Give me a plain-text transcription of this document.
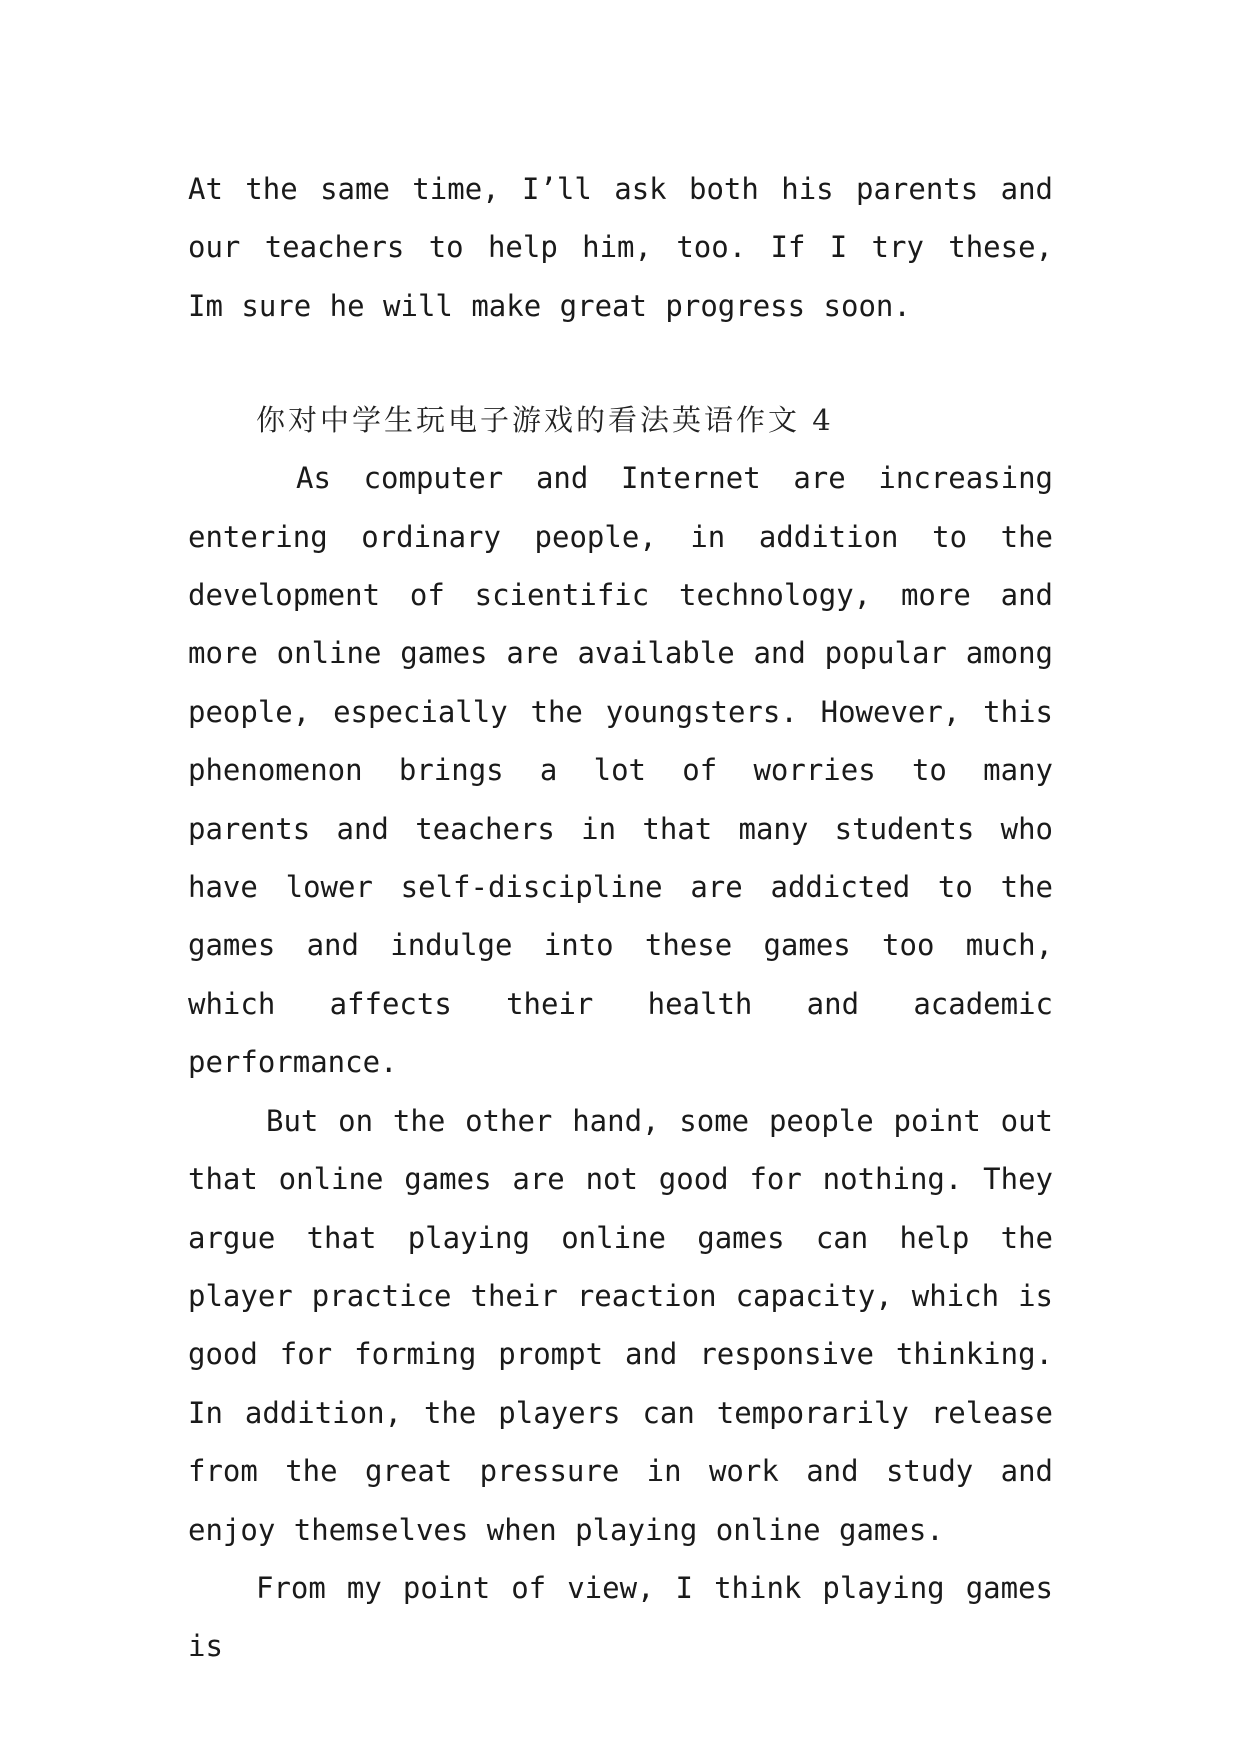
At the same time, I’ll ask both his parents and our teachers to help him, too. If I try these, Im sure he will make great progress soon.

你对中学生玩电子游戏的看法英语作文 4

As computer and Internet are increasing entering ordinary people, in addition to the development of scientific technology, more and more online games are available and popular among people, especially the youngsters. However, this phenomenon brings a lot of worries to many parents and teachers in that many students who have lower self-discipline are addicted to the games and indulge into these games too much, which affects their health and academic performance.

But on the other hand, some people point out that online games are not good for nothing. They argue that playing online games can help the player practice their reaction capacity, which is good for forming prompt and responsive thinking. In addition, the players can temporarily release from the great pressure in work and study and enjoy themselves when playing online games.

From my point of view, I think playing games is
